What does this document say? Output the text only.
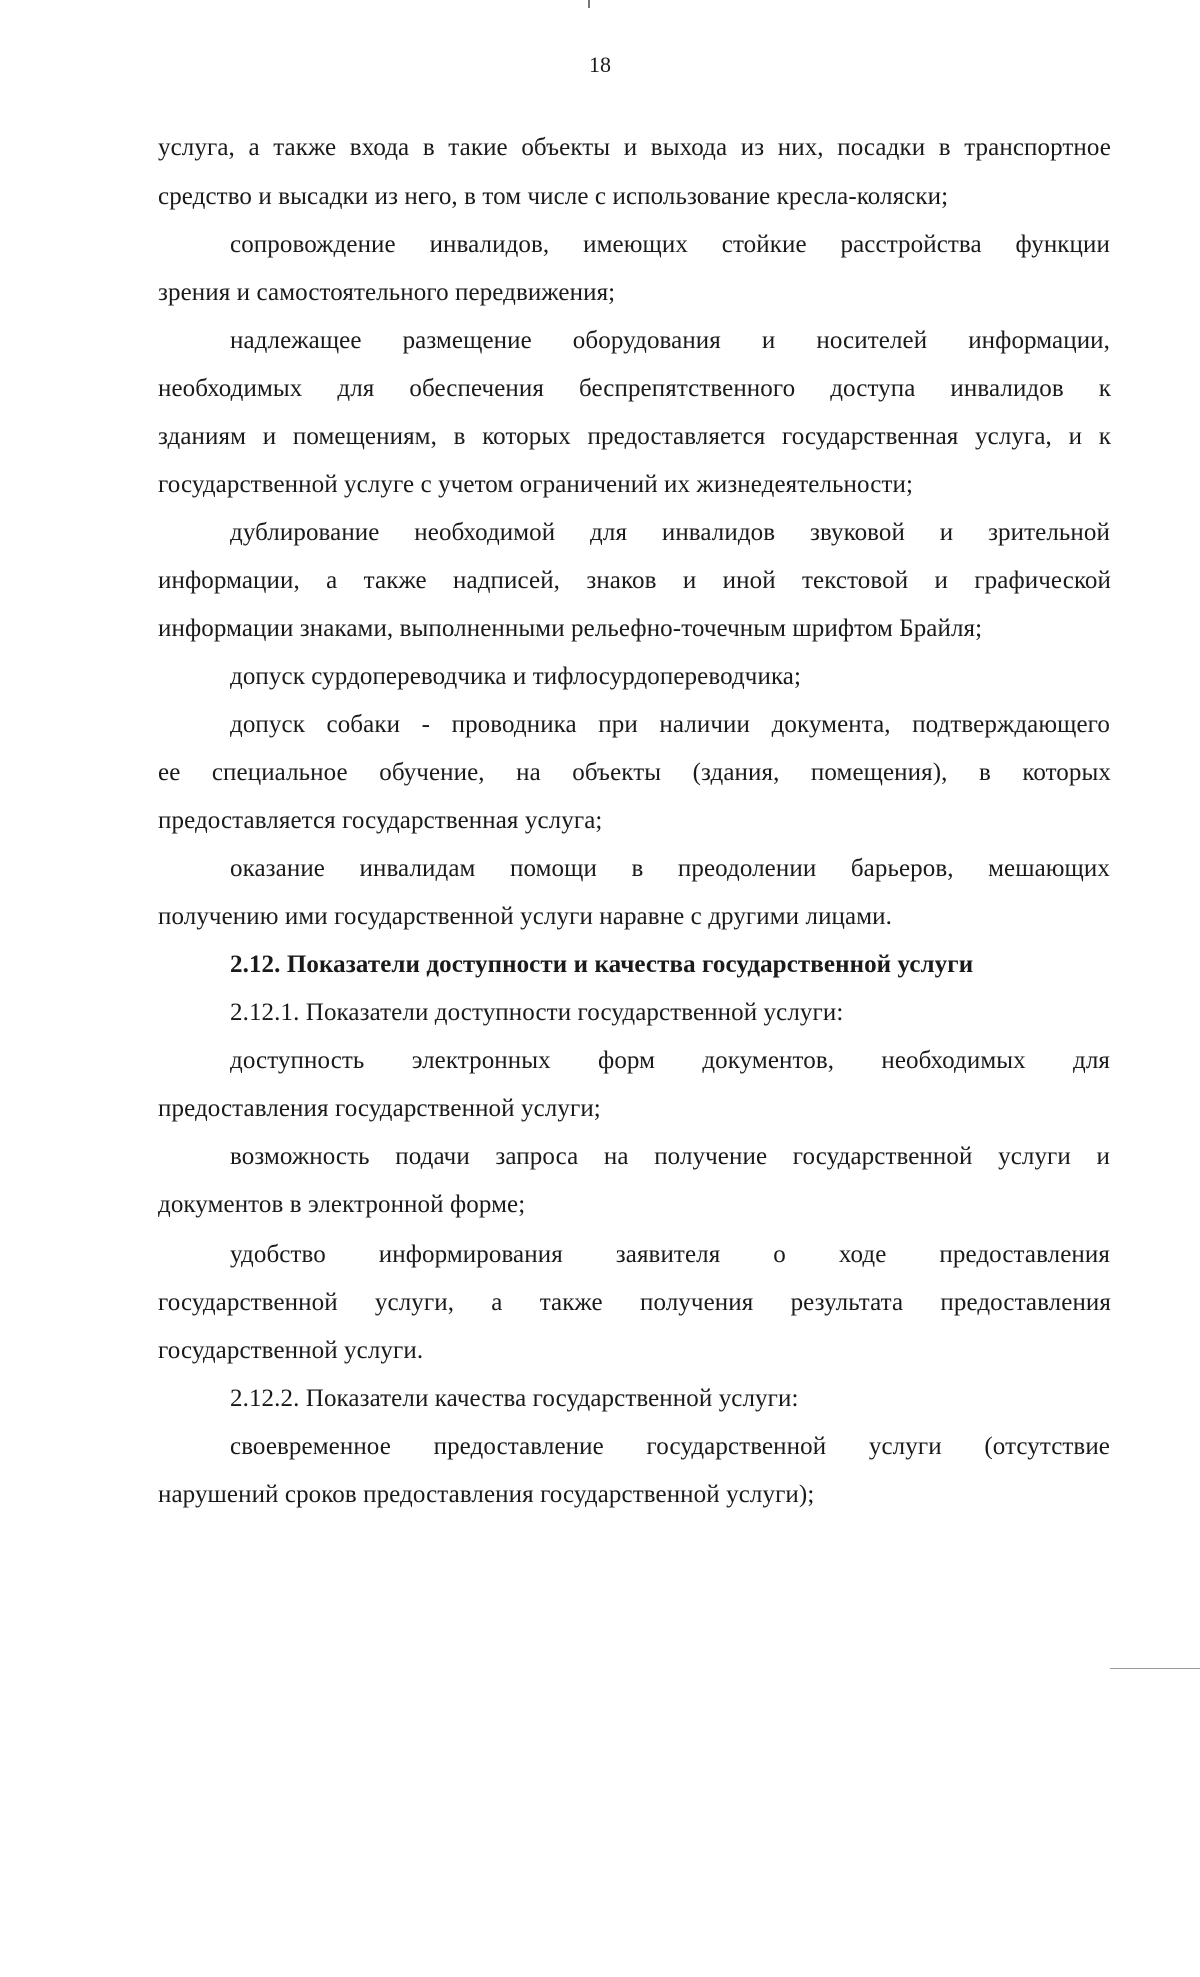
18
услуга, а также входа в такие объекты и выхода из них, посадки в транспортное
средство и высадки из него, в том числе с использование кресла-коляски;
сопровождение инвалидов, имеющих стойкие расстройства функции
зрения и самостоятельного передвижения;
надлежащее размещение оборудования и носителей информации,
необходимых для обеспечения беспрепятственного доступа инвалидов к
зданиям и помещениям, в которых предоставляется государственная услуга, и к
государственной услуге с учетом ограничений их жизнедеятельности;
дублирование необходимой для инвалидов звуковой и зрительной
информации, а также надписей, знаков и иной текстовой и графической
информации знаками, выполненными рельефно-точечным шрифтом Брайля;
допуск сурдопереводчика и тифлосурдопереводчика;
допуск собаки - проводника при наличии документа, подтверждающего
ее специальное обучение, на объекты (здания, помещения), в которых
предоставляется государственная услуга;
оказание инвалидам помощи в преодолении барьеров, мешающих
получению ими государственной услуги наравне с другими лицами.
2.12. Показатели доступности и качества государственной услуги
2.12.1. Показатели доступности государственной услуги:
доступность электронных форм документов, необходимых для
предоставления государственной услуги;
возможность подачи запроса на получение государственной услуги и
документов в электронной форме;
удобство информирования заявителя о ходе предоставления
государственной услуги, а также получения результата предоставления
государственной услуги.
2.12.2. Показатели качества государственной услуги:
своевременное предоставление государственной услуги (отсутствие
нарушений сроков предоставления государственной услуги);
